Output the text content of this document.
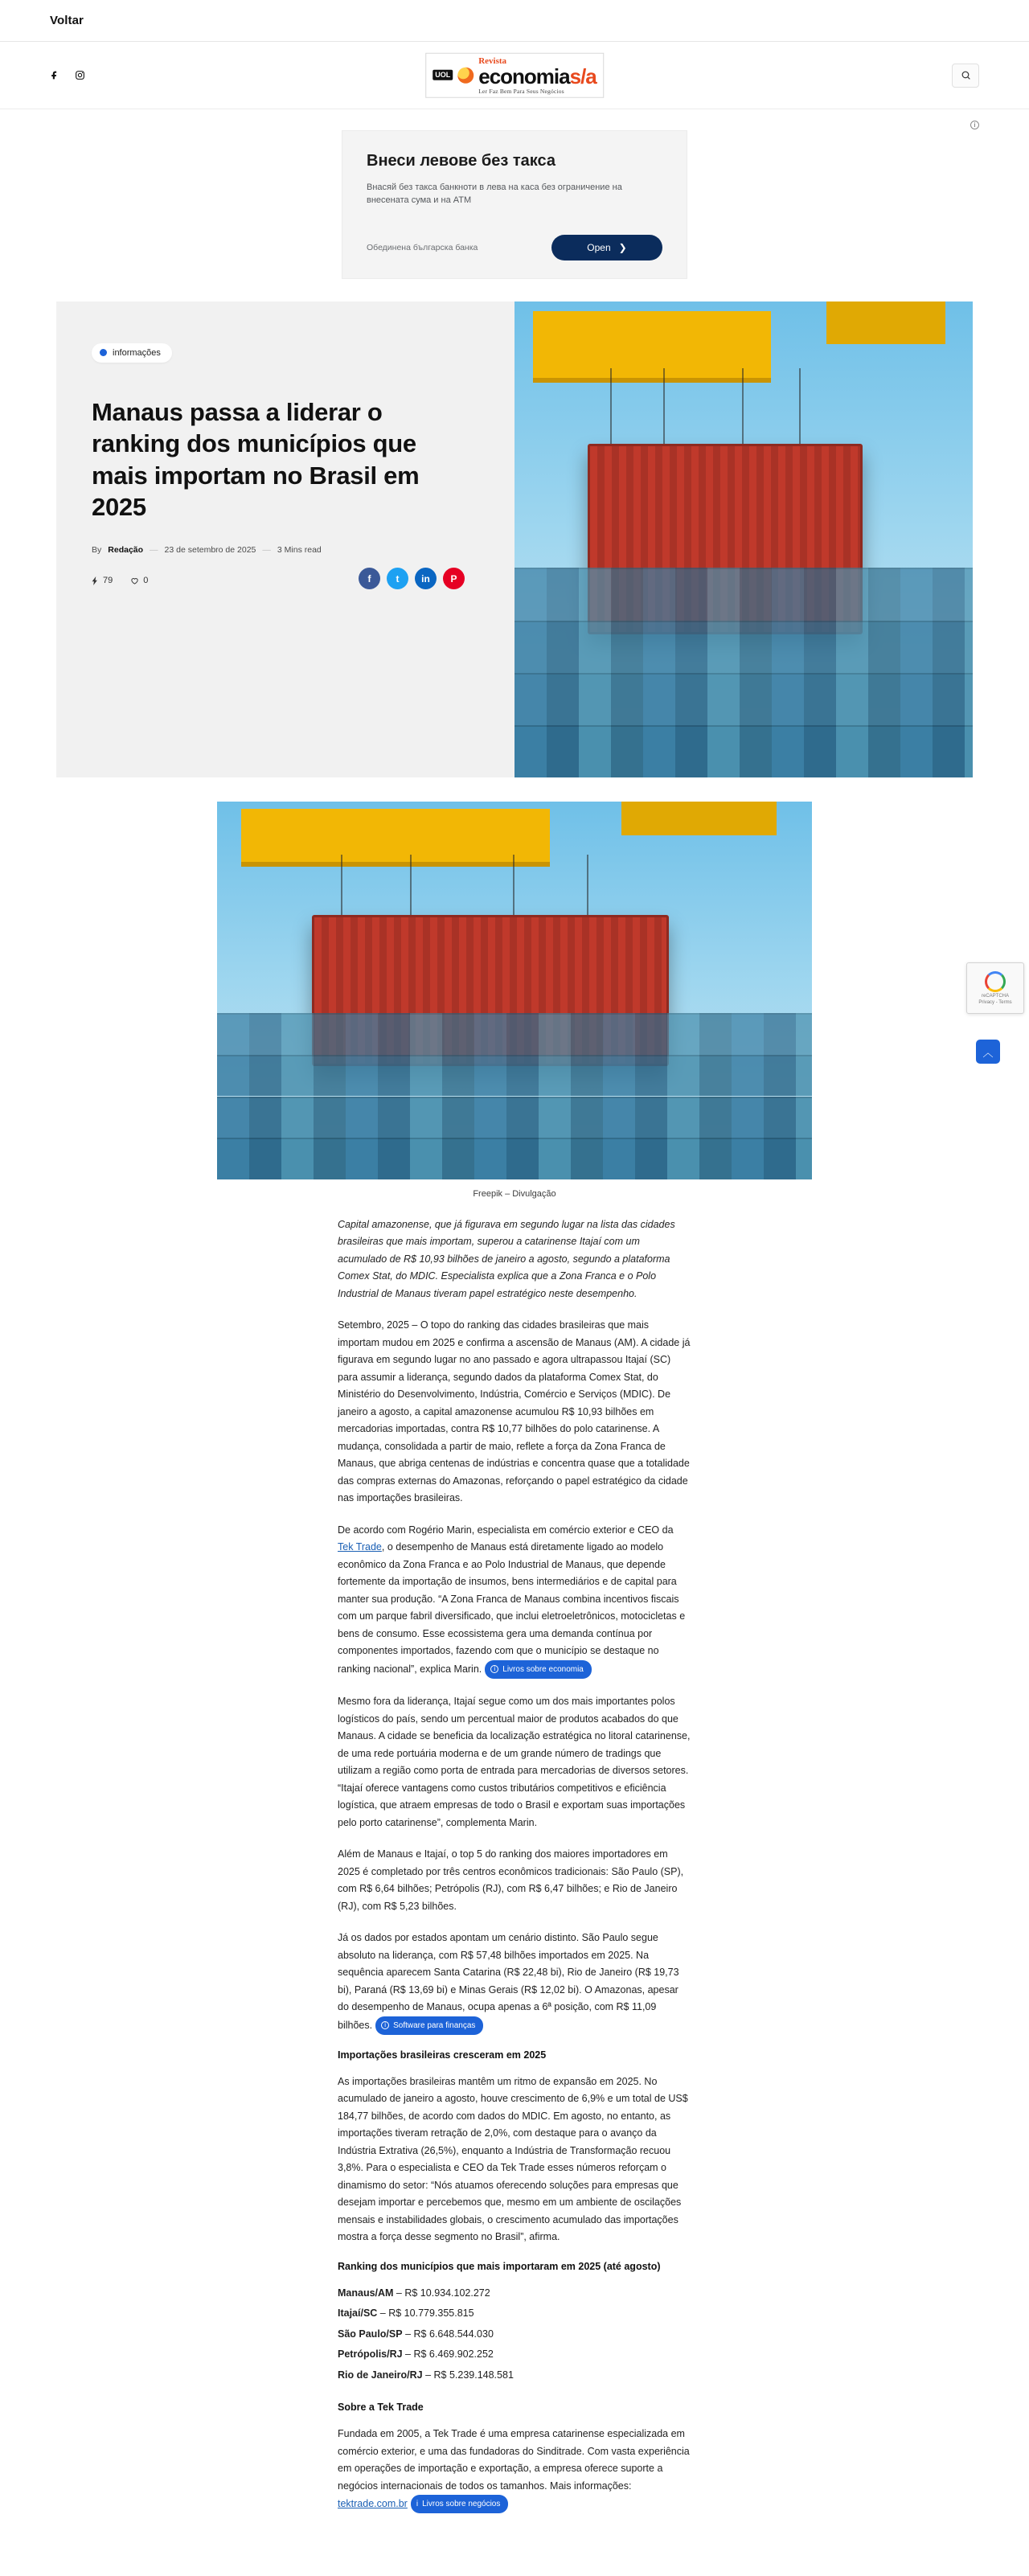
Voltar
UOL
Revista
economias/a
Ler Faz Bem Para Seus Negócios
i
Внеси левове без такса
Внасяй без такса банкноти в лева на каса без ограничение на внесената сума и на ATM
Обединена българска банка	Open ❯
informações
Manaus passa a liderar o ranking dos municípios que mais importam no Brasil em 2025
By Redação — 23 de setembro de 2025 — 3 Mins read
79	0	f	t	in	P
Freepik – Divulgação

Capital amazonense, que já figurava em segundo lugar na lista das cidades brasileiras que mais importam, superou a catarinense Itajaí com um acumulado de R$ 10,93 bilhões de janeiro a agosto, segundo a plataforma Comex Stat, do MDIC. Especialista explica que a Zona Franca e o Polo Industrial de Manaus tiveram papel estratégico neste desempenho.

Setembro, 2025 – O topo do ranking das cidades brasileiras que mais importam mudou em 2025 e confirma a ascensão de Manaus (AM). A cidade já figurava em segundo lugar no ano passado e agora ultrapassou Itajaí (SC) para assumir a liderança, segundo dados da plataforma Comex Stat, do Ministério do Desenvolvimento, Indústria, Comércio e Serviços (MDIC). De janeiro a agosto, a capital amazonense acumulou R$ 10,93 bilhões em mercadorias importadas, contra R$ 10,77 bilhões do polo catarinense. A mudança, consolidada a partir de maio, reflete a força da Zona Franca de Manaus, que abriga centenas de indústrias e concentra quase que a totalidade das compras externas do Amazonas, reforçando o papel estratégico da cidade nas importações brasileiras.

De acordo com Rogério Marin, especialista em comércio exterior e CEO da Tek Trade, o desempenho de Manaus está diretamente ligado ao modelo econômico da Zona Franca e ao Polo Industrial de Manaus, que depende fortemente da importação de insumos, bens intermediários e de capital para manter sua produção. “A Zona Franca de Manaus combina incentivos fiscais com um parque fabril diversificado, que inclui eletroeletrônicos, motocicletas e bens de consumo. Esse ecossistema gera uma demanda contínua por componentes importados, fazendo com que o município se destaque no ranking nacional”, explica Marin.	i Livros sobre economia

Mesmo fora da liderança, Itajaí segue como um dos mais importantes polos logísticos do país, sendo um percentual maior de produtos acabados do que Manaus. A cidade se beneficia da localização estratégica no litoral catarinense, de uma rede portuária moderna e de um grande número de tradings que utilizam a região como porta de entrada para mercadorias de diversos setores. “Itajaí oferece vantagens como custos tributários competitivos e eficiência logística, que atraem empresas de todo o Brasil e exportam suas importações pelo porto catarinense”, complementa Marin.

Além de Manaus e Itajaí, o top 5 do ranking dos maiores importadores em 2025 é completado por três centros econômicos tradicionais: São Paulo (SP), com R$ 6,64 bilhões; Petrópolis (RJ), com R$ 6,47 bilhões; e Rio de Janeiro (RJ), com R$ 5,23 bilhões.

Já os dados por estados apontam um cenário distinto. São Paulo segue absoluto na liderança, com R$ 57,48 bilhões importados em 2025. Na sequência aparecem Santa Catarina (R$ 22,48 bi), Rio de Janeiro (R$ 19,73 bi), Paraná (R$ 13,69 bi) e Minas Gerais (R$ 12,02 bi). O Amazonas, apesar do desempenho de Manaus, ocupa apenas a 6ª posição, com R$ 11,09 bilhões.	i Software para finanças

Importações brasileiras cresceram em 2025

As importações brasileiras mantêm um ritmo de expansão em 2025. No acumulado de janeiro a agosto, houve crescimento de 6,9% e um total de US$ 184,77 bilhões, de acordo com dados do MDIC. Em agosto, no entanto, as importações tiveram retração de 2,0%, com destaque para o avanço da Indústria Extrativa (26,5%), enquanto a Indústria de Transformação recuou 3,8%. Para o especialista e CEO da Tek Trade esses números reforçam o dinamismo do setor: “Nós atuamos oferecendo soluções para empresas que desejam importar e percebemos que, mesmo em um ambiente de oscilações mensais e instabilidades globais, o crescimento acumulado das importações mostra a força desse segmento no Brasil”, afirma.

Ranking dos municípios que mais importaram em 2025 (até agosto)

Manaus/AM – R$ 10.934.102.272

Itajaí/SC – R$ 10.779.355.815

São Paulo/SP – R$ 6.648.544.030

Petrópolis/RJ – R$ 6.469.902.252

Rio de Janeiro/RJ – R$ 5.239.148.581

Sobre a Tek Trade

Fundada em 2005, a Tek Trade é uma empresa catarinense especializada em comércio exterior, e uma das fundadoras do Sinditrade. Com vasta experiência em operações de importação e exportação, a empresa oferece suporte a negócios internacionais de todos os tamanhos. Mais informações: tektrade.com.br i Livros sobre negócios

reCAPTCHA
Privacy - Terms
︿
